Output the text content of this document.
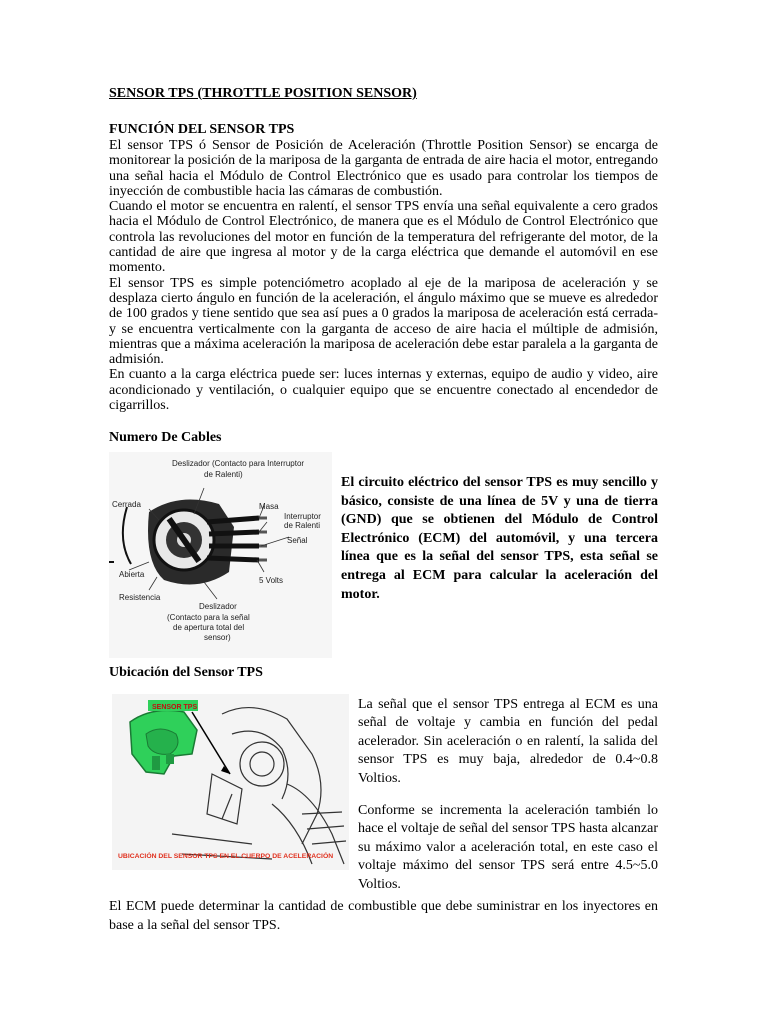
SENSOR TPS (THROTTLE POSITION SENSOR)
FUNCIÓN DEL SENSOR TPS

El sensor TPS ó Sensor de Posición de Aceleración (Throttle Position Sensor) se encarga de monitorear la posición de la mariposa de la garganta de entrada de aire hacia el motor, entregando una señal hacia el Módulo de Control Electrónico que es usado para controlar los tiempos de inyección de combustible hacia las cámaras de combustión.

Cuando el motor se encuentra en ralentí, el sensor TPS envía una señal equivalente a cero grados hacia el Módulo de Control Electrónico, de manera que es el Módulo de Control Electrónico que controla las revoluciones del motor en función de la temperatura del refrigerante del motor, de la cantidad de aire que ingresa al motor y de la carga eléctrica que demande el automóvil en ese momento.

El sensor TPS es simple potenciómetro acoplado al eje de la mariposa de aceleración y se desplaza cierto ángulo en función de la aceleración, el ángulo máximo que se mueve es alrededor de 100 grados y tiene sentido que sea así pues a 0 grados la mariposa de aceleración está cerrada- y se encuentra verticalmente con la garganta de acceso de aire hacia el múltiple de admisión, mientras que a máxima aceleración la mariposa de aceleración debe estar paralela a la garganta de admisión.

En cuanto a la carga eléctrica puede ser: luces internas y externas, equipo de audio y video, aire acondicionado y ventilación, o cualquier equipo que se encuentre conectado al encendedor de cigarrillos.

Numero De Cables
Deslizador (Contacto para Interruptor
de Ralenti)
Cerrada	Masa
Interruptor
de Ralenti
Señal
Abierta
5 Volts
Resistencia
Deslizador
(Contacto para la señal
de apertura total del
sensor)
El circuito eléctrico del sensor TPS es muy sencillo y básico, consiste de una línea de 5V y una de tierra (GND) que se obtienen del Módulo de Control Electrónico (ECM) del automóvil, y una tercera línea que es la señal del sensor TPS, esta señal se entrega al ECM para calcular la aceleración del motor.
Ubicación del Sensor TPS
SENSOR TPS
UBICACIÓN DEL SENSOR TPS EN EL CUERPO DE ACELERACIÓN

La señal que el sensor TPS entrega al ECM es una señal de voltaje y cambia en función del pedal acelerador. Sin aceleración o en ralentí, la salida del sensor TPS es muy baja, alrededor de 0.4~0.8 Voltios.

Conforme se incrementa la aceleración también lo hace el voltaje de señal del sensor TPS hasta alcanzar su máximo valor a aceleración total, en este caso el voltaje máximo del sensor TPS será entre 4.5~5.0 Voltios.

El ECM puede determinar la cantidad de combustible que debe suministrar en los inyectores en base a la señal del sensor TPS.
